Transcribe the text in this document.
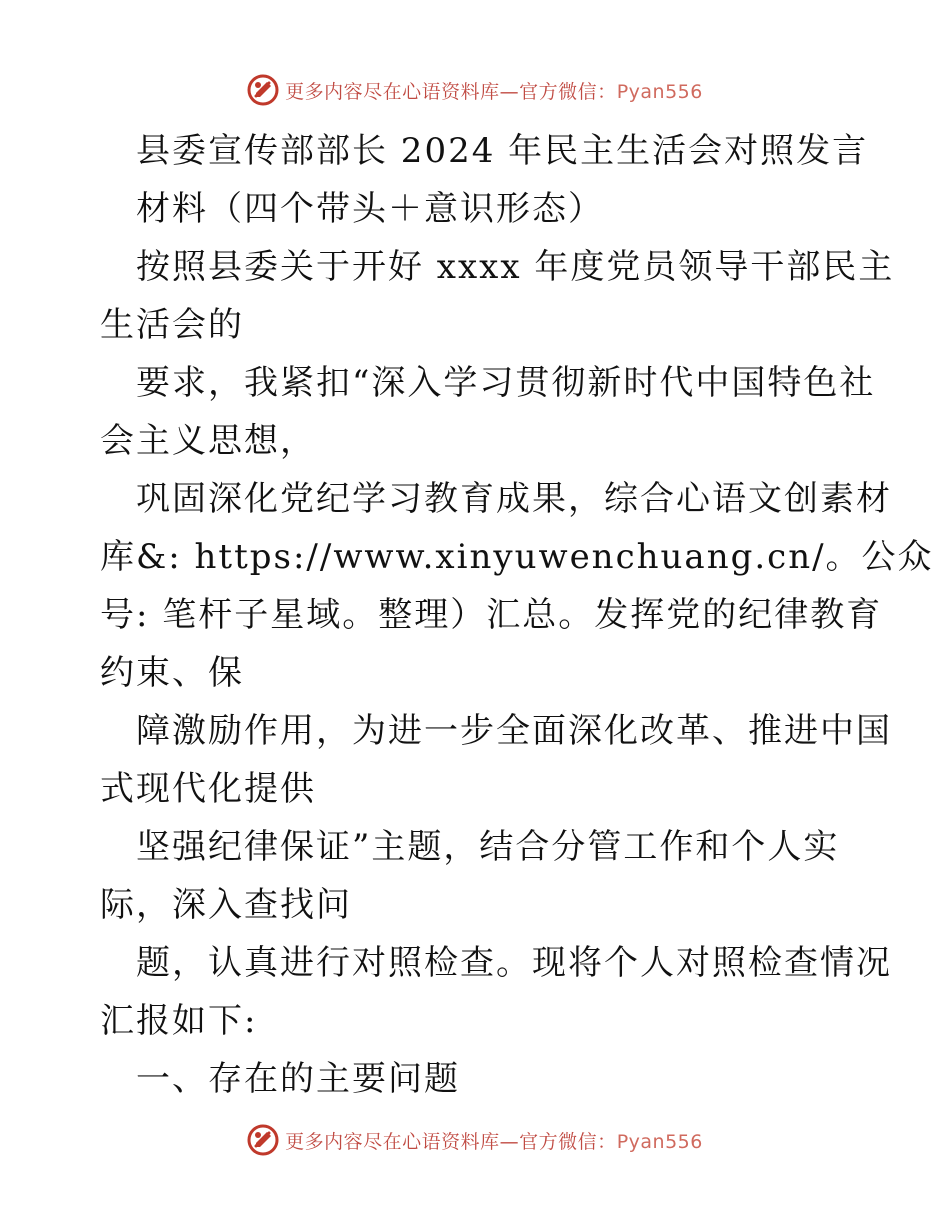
更多内容尽在心语资料库—官方微信：Pyan556
县委宣传部部长 2024 年民主生活会对照发言
材料（四个带头＋意识形态）
按照县委关于开好 xxxx 年度党员领导干部民主
生活会的
要求，我紧扣“深入学习贯彻新时代中国特色社
会主义思想，
巩固深化党纪学习教育成果，综合心语文创素材
库&: https://www.xinyuwenchuang.cn/。公众
号: 笔杆子星域。整理）汇总。发挥党的纪律教育
约束、保
障激励作用，为进一步全面深化改革、推进中国
式现代化提供
坚强纪律保证”主题，结合分管工作和个人实
际，深入查找问
题，认真进行对照检查。现将个人对照检查情况
汇报如下:
一、存在的主要问题
更多内容尽在心语资料库—官方微信：Pyan556
